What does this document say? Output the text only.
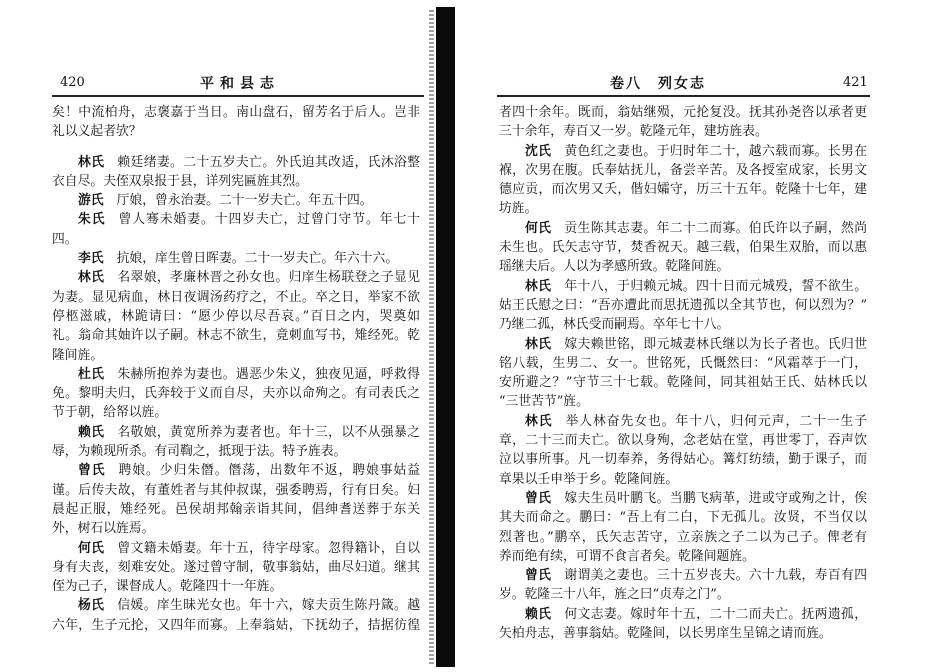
420	平和县志
矣！中流柏舟，志褒嘉于当日。南山盘石，留芳名于后人。岂非
礼以义起者欤？
林氏 赖廷绪妻。二十五岁夫亡。外氏迫其改适，氏沐浴整
衣自尽。夫侄双泉报于县，详列宪匾旌其烈。
游氏 厅娘，曾永治妻。二十一岁夫亡。年五十四。
朱氏 曾人骞未婚妻。十四岁夫亡，过曾门守节。年七十
四。
李氏 抗娘，庠生曾日晖妻。二十一岁夫亡。年六十六。
林氏 名翠娘，孝廉林晋之孙女也。归庠生杨联登之子显见
为妻。显见病血，林日夜调汤药疗之，不止。卒之日，举家不欲
停柩滋戚，林跪请曰：“愿少停以尽吾哀。”百日之内，哭奠如
礼。翁命其妯许以子嗣。林志不欲生，竟刺血写书，雉经死。乾
隆间旌。
杜氏 朱赫所抱养为妻也。遇恶少朱义，独夜见逼，呼救得
免。黎明夫归，氏奔较于义而自尽，夫亦以命殉之。有司表氏之
节于朝，给帑以旌。
赖氏 名敬娘，黄宽所养为妻者也。年十三，以不从强暴之
辱，为赖现所杀。有司鞫之，抵现于法。特予旌表。
曾氏 聘娘。少归朱僭。僭荡，出数年不返，聘娘事姑益
谨。后传夫故，有董姓者与其仲叔谋，强委聘焉，行有日矣。妇
晨起正服，雉经死。邑侯胡邦翰亲诣其间，倡绅耆送葬于东关
外，树石以旌焉。
何氏 曾文籍未婚妻。年十五，待字母家。忽得籍讣，自以
身有夫丧，刻难安处。遂过曾守制，敬事翁姑，曲尽妇道。继其
侄为己子，课督成人。乾隆四十一年旌。
杨氏 信媛。庠生昧光女也。年十六，嫁夫贡生陈丹箴。越
六年，生子元抡，又四年而寡。上奉翁姑，下抚幼子，拮据彷徨
卷八　列女志	421
者四十余年。既而，翁姑继殒，元抡复没。抚其孙尧咨以承者更
三十余年，寿百又一岁。乾隆元年，建坊旌表。
沈氏 黄色红之妻也。于归时年二十，越六载而寡。长男在
褓，次男在腹。氏奉姑抚儿，备尝辛苦。及各授室成家，长男文
德应贡，而次男又夭，偕妇孀守，历三十五年。乾隆十七年，建
坊旌。
何氏 贡生陈其志妻。年二十二而寡。伯氏许以子嗣，然尚
未生也。氏矢志守节，焚香祝天。越三载，伯果生双胎，而以惠
瑶继夫后。人以为孝感所致。乾隆间旌。
林氏 年十八，于归赖元城。四十日而元城殁，誓不欲生。
姑王氏慰之曰：“吾亦遭此而思抚遗孤以全其节也，何以烈为？”
乃继二孤，林氏受而嗣焉。卒年七十八。
林氏 嫁夫赖世铭，即元城妻林氏继以为长子者也。氏归世
铭八载，生男二、女一。世铭死，氏慨然曰：“风霜萃于一门，
安所避之？”守节三十七载。乾隆间，同其祖姑王氏、姑林氏以
“三世苦节”旌。
林氏 举人林奋先女也。年十八，归何元声，二十一生子
章，二十三而夫亡。欲以身殉，念老姑在堂，再世零丁，吞声饮
泣以事所事。凡一切奉养，务得姑心。篝灯纺绩，勤于课子，而
章果以壬申举于乡。乾隆间旌。
曾氏 嫁夫生员叶鹏飞。当鹏飞病革，进或守或殉之计，俟
其夫而命之。鹏曰：“吾上有二白，下无孤儿。汝贤，不当仅以
烈著也。”鹏卒，氏矢志苦守，立亲族之子二以为己子。俾老有
养而绝有续，可谓不食言者矣。乾隆间题旌。
曾氏 谢谓美之妻也。三十五岁丧夫。六十九载，寿百有四
岁。乾隆三十八年，旌之曰“贞寿之门”。
赖氏 何文志妻。嫁时年十五，二十二而夫亡。抚两遗孤，
矢柏舟志，善事翁姑。乾隆间，以长男庠生呈锦之请而旌。
